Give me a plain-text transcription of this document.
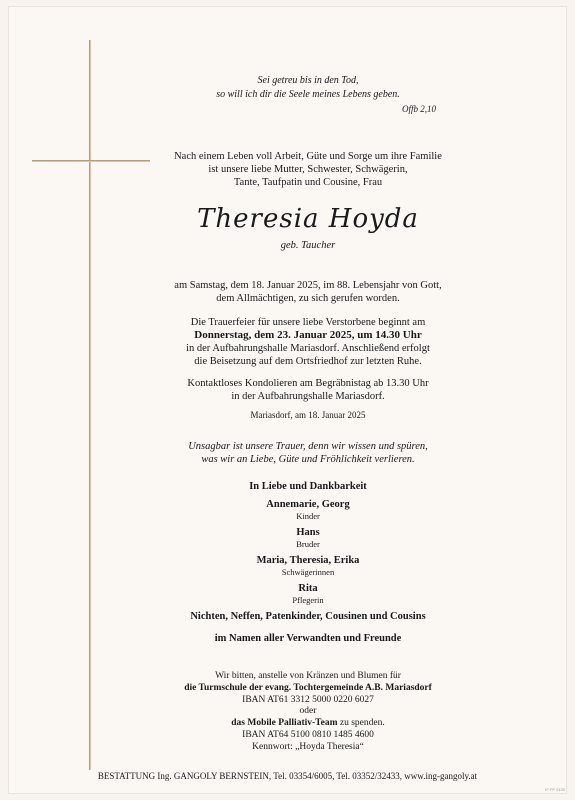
Sei getreu bis in den Tod,
so will ich dir die Seele meines Lebens geben.
Offb 2,10
Nach einem Leben voll Arbeit, Güte und Sorge um ihre Familie
ist unsere liebe Mutter, Schwester, Schwägerin,
Tante, Taufpatin und Cousine, Frau
Theresia Hoyda
geb. Taucher
am Samstag, dem 18. Januar 2025, im 88. Lebensjahr von Gott,
dem Allmächtigen, zu sich gerufen worden.
Die Trauerfeier für unsere liebe Verstorbene beginnt am
Donnerstag, dem 23. Januar 2025, um 14.30 Uhr
in der Aufbahrungshalle Mariasdorf. Anschließend erfolgt
die Beisetzung auf dem Ortsfriedhof zur letzten Ruhe.
Kontaktloses Kondolieren am Begräbnistag ab 13.30 Uhr
in der Aufbahrungshalle Mariasdorf.
Mariasdorf, am 18. Januar 2025
Unsagbar ist unsere Trauer, denn wir wissen und spüren,
was wir an Liebe, Güte und Fröhlichkeit verlieren.
In Liebe und Dankbarkeit
Annemarie, Georg
Kinder
Hans
Bruder
Maria, Theresia, Erika
Schwägerinnen
Rita
Pflegerin
Nichten, Neffen, Patenkinder, Cousinen und Cousins
im Namen aller Verwandten und Freunde
Wir bitten, anstelle von Kränzen und Blumen für
die Turmschule der evang. Tochtergemeinde A.B. Mariasdorf
IBAN AT61 3312 5000 0220 6027
oder
das Mobile Palliativ-Team zu spenden.
IBAN AT64 5100 0810 1485 4600
Kennwort: „Hoyda Theresia“
BESTATTUNG Ing. GANGOLY BERNSTEIN, Tel. 03354/6005, Tel. 03352/32433, www.ing-gangoly.at
IF FP 0130
